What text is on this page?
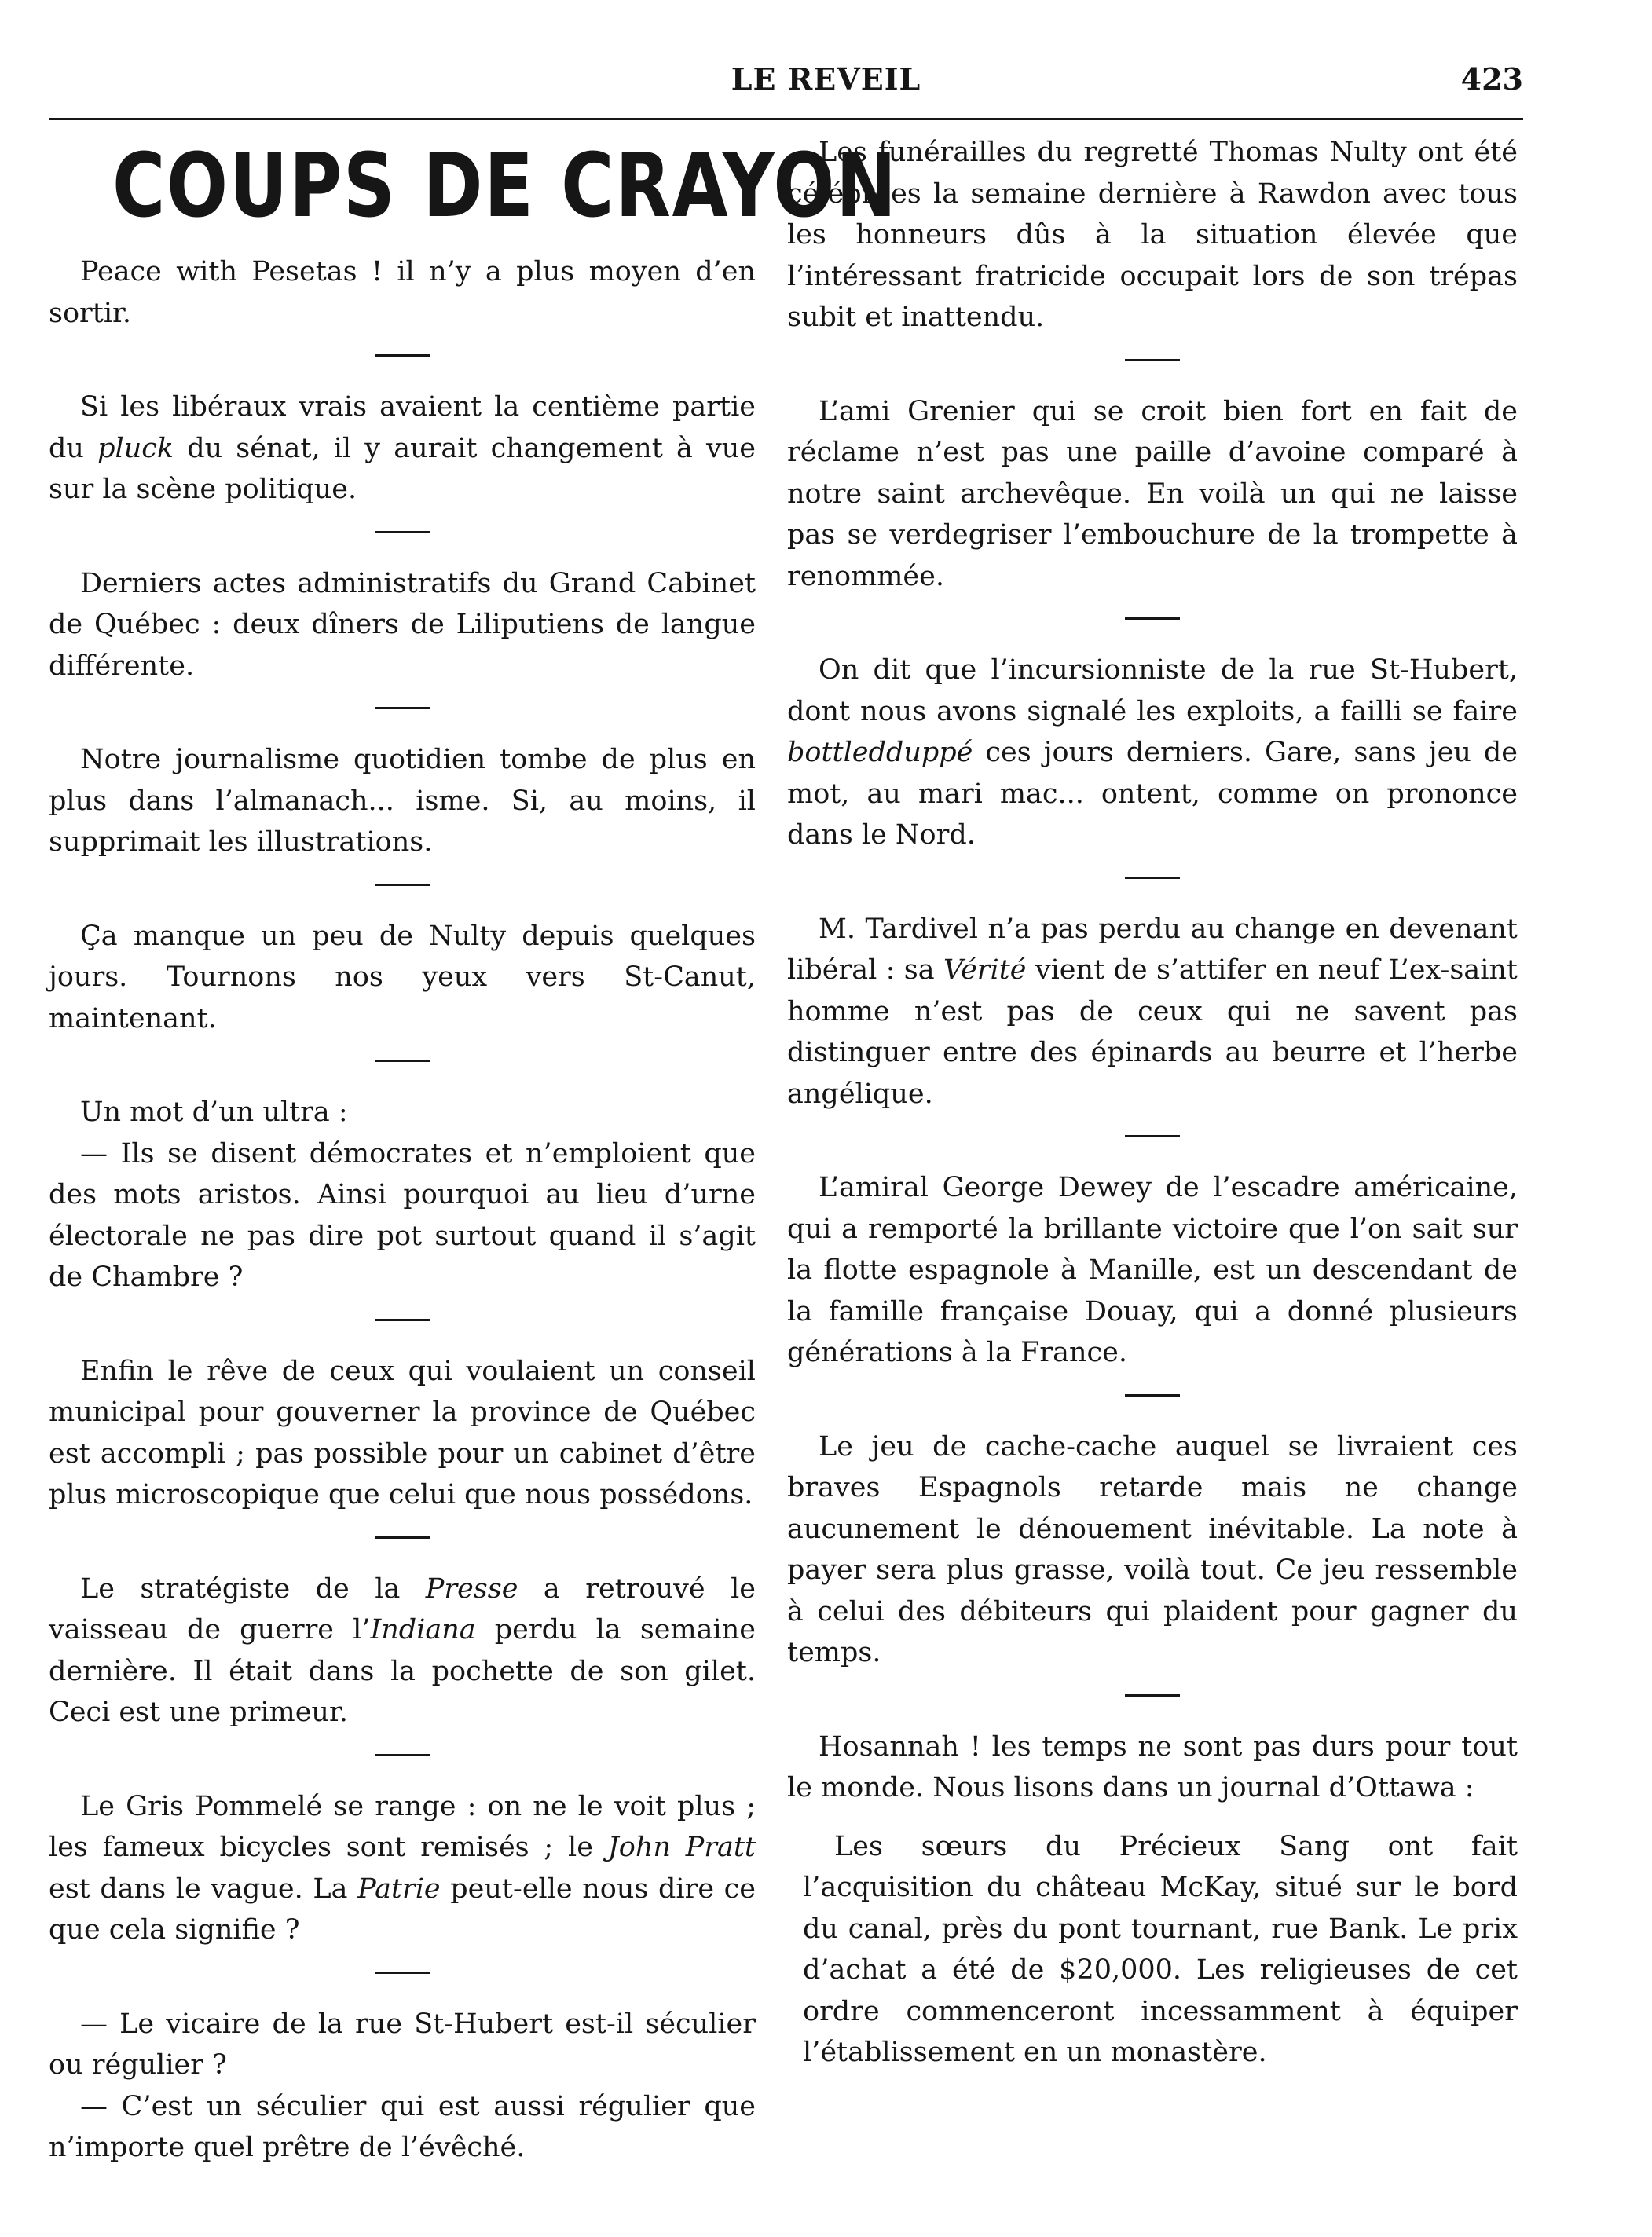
LE REVEIL	423
COUPS DE CRAYON

Peace with Pesetas ! il n’y a plus moyen d’en sortir.

Si les libéraux vrais avaient la centième partie du pluck du sénat, il y aurait changement à vue sur la scène politique.

Derniers actes administratifs du Grand Cabinet de Québec : deux dîners de Liliputiens de langue différente.

Notre journalisme quotidien tombe de plus en plus dans l’almanach... isme. Si, au moins, il supprimait les illustrations.

Ça manque un peu de Nulty depuis quelques jours. Tournons nos yeux vers St-Canut, maintenant.

Un mot d’un ultra :

— Ils se disent démocrates et n’emploient que des mots aristos. Ainsi pourquoi au lieu d’urne électorale ne pas dire pot surtout quand il s’agit de Chambre ?

Enfin le rêve de ceux qui voulaient un conseil municipal pour gouverner la province de Québec est accompli ; pas possible pour un cabinet d’être plus microscopique que celui que nous possédons.

Le stratégiste de la Presse a retrouvé le vaisseau de guerre l’Indiana perdu la semaine dernière. Il était dans la pochette de son gilet. Ceci est une primeur.

Le Gris Pommelé se range : on ne le voit plus ; les fameux bicycles sont remisés ; le John Pratt est dans le vague. La Patrie peut-elle nous dire ce que cela signifie ?

— Le vicaire de la rue St-Hubert est-il séculier ou régulier ?

— C’est un séculier qui est aussi régulier que n’importe quel prêtre de l’évêché.

Les funérailles du regretté Thomas Nulty ont été célébrées la semaine dernière à Rawdon avec tous les honneurs dûs à la situation élevée que l’intéressant fratricide occupait lors de son trépas subit et inattendu.

L’ami Grenier qui se croit bien fort en fait de réclame n’est pas une paille d’avoine comparé à notre saint archevêque. En voilà un qui ne laisse pas se verdegriser l’embouchure de la trompette à renommée.

On dit que l’incursionniste de la rue St-Hubert, dont nous avons signalé les exploits, a failli se faire bottledduppé ces jours derniers. Gare, sans jeu de mot, au mari mac... ontent, comme on prononce dans le Nord.

M. Tardivel n’a pas perdu au change en devenant libéral : sa Vérité vient de s’attifer en neuf L’ex-saint homme n’est pas de ceux qui ne savent pas distinguer entre des épinards au beurre et l’herbe angélique.

L’amiral George Dewey de l’escadre américaine, qui a remporté la brillante victoire que l’on sait sur la flotte espagnole à Manille, est un descendant de la famille française Douay, qui a donné plusieurs générations à la France.

Le jeu de cache-cache auquel se livraient ces braves Espagnols retarde mais ne change aucunement le dénouement inévitable. La note à payer sera plus grasse, voilà tout. Ce jeu ressemble à celui des débiteurs qui plaident pour gagner du temps.

Hosannah ! les temps ne sont pas durs pour tout le monde. Nous lisons dans un journal d’Ottawa :

Les sœurs du Précieux Sang ont fait l’acquisition du château McKay, situé sur le bord du canal, près du pont tournant, rue Bank. Le prix d’achat a été de $20,000. Les religieuses de cet ordre commenceront incessamment à équiper l’établissement en un monastère.
